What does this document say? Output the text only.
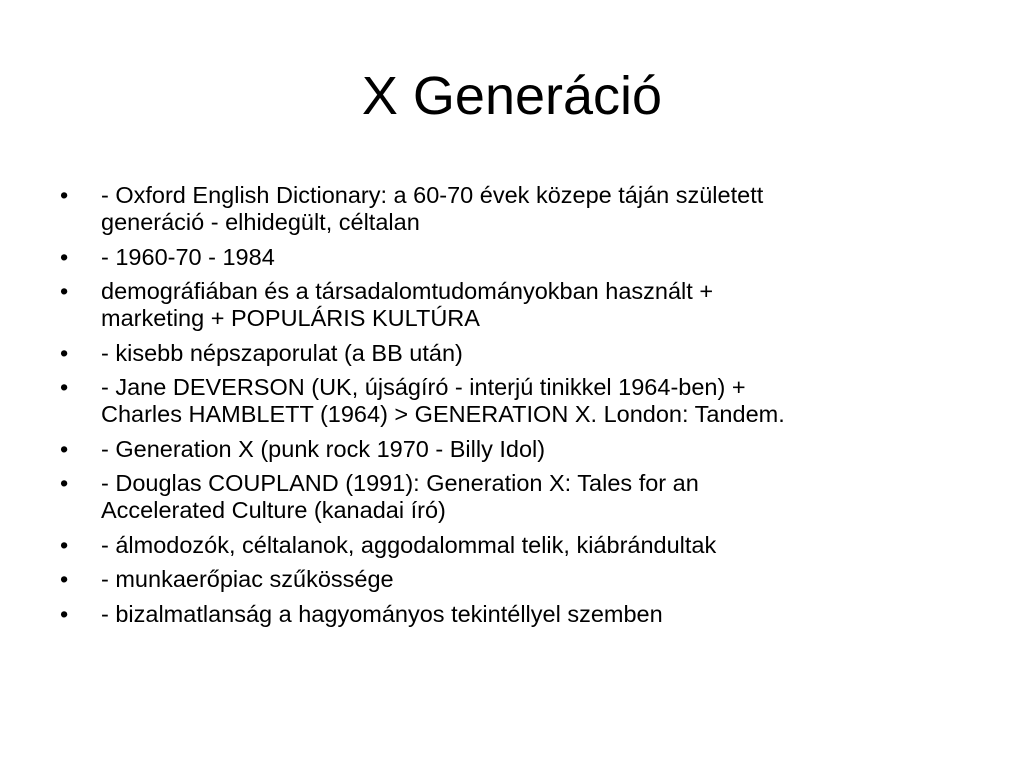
X Generáció
•	- Oxford English Dictionary: a 60-70 évek közepe táján született
generáció - elhidegült, céltalan
•	- 1960-70 - 1984
•	demográfiában és a társadalomtudományokban használt +
marketing + POPULÁRIS KULTÚRA
•	- kisebb népszaporulat (a BB után)
•	- Jane DEVERSON (UK, újságíró - interjú tinikkel 1964-ben) +
Charles HAMBLETT (1964) > GENERATION X. London: Tandem.
•	- Generation X (punk rock 1970 - Billy Idol)
•	- Douglas COUPLAND (1991): Generation X: Tales for an
Accelerated Culture (kanadai író)
•	- álmodozók, céltalanok, aggodalommal telik, kiábrándultak
•	- munkaerőpiac szűkössége
•	- bizalmatlanság a hagyományos tekintéllyel szemben
